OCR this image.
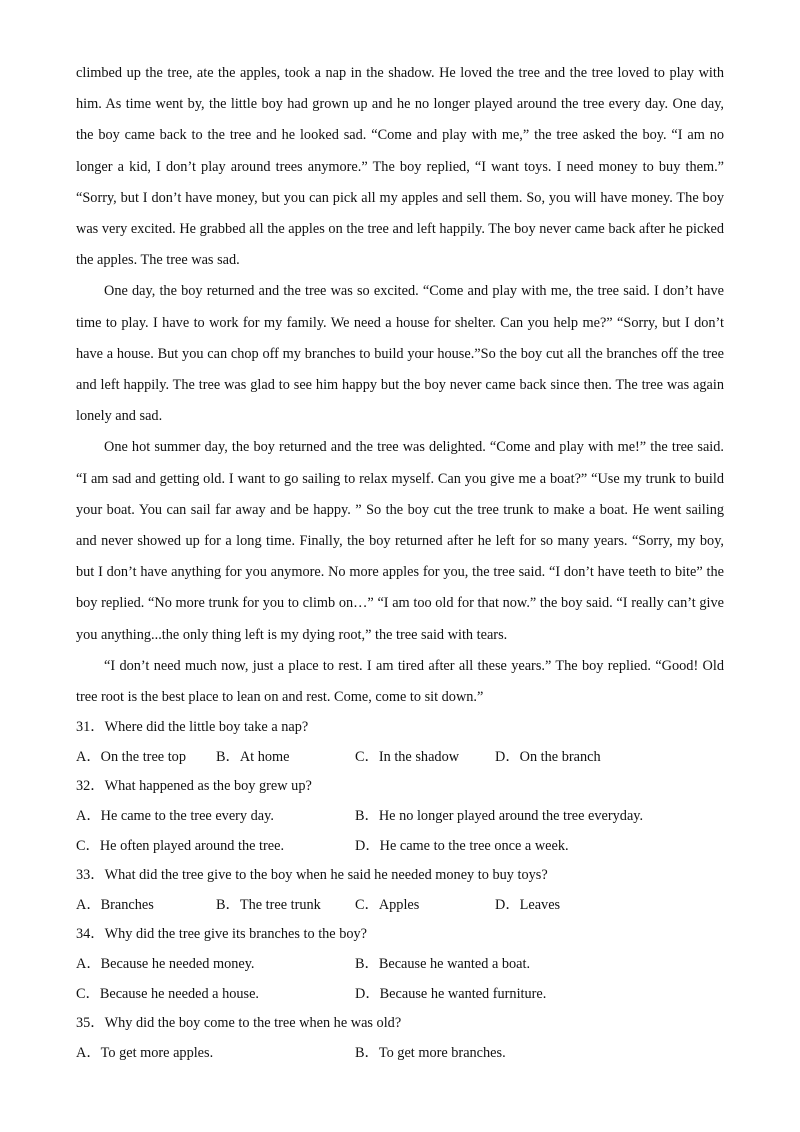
climbed up the tree, ate the apples, took a nap in the shadow. He loved the tree and the tree loved to play with him. As time went by, the little boy had grown up and he no longer played around the tree every day. One day, the boy came back to the tree and he looked sad. “Come and play with me,” the tree asked the boy. “I am no longer a kid, I don’t play around trees anymore.” The boy replied, “I want toys. I need money to buy them.” “Sorry, but I don’t have money, but you can pick all my apples and sell them. So, you will have money. The boy was very excited. He grabbed all the apples on the tree and left happily. The boy never came back after he picked the apples. The tree was sad.

One day, the boy returned and the tree was so excited. “Come and play with me, the tree said. I don’t have time to play. I have to work for my family. We need a house for shelter. Can you help me?” “Sorry, but I don’t have a house. But you can chop off my branches to build your house.”So the boy cut all the branches off the tree and left happily. The tree was glad to see him happy but the boy never came back since then. The tree was again lonely and sad.

One hot summer day, the boy returned and the tree was delighted. “Come and play with me!” the tree said. “I am sad and getting old. I want to go sailing to relax myself. Can you give me a boat?” “Use my trunk to build your boat. You can sail far away and be happy. ” So the boy cut the tree trunk to make a boat. He went sailing and never showed up for a long time. Finally, the boy returned after he left for so many years. “Sorry, my boy, but I don’t have anything for you anymore. No more apples for you, the tree said. “I don’t have teeth to bite” the boy replied. “No more trunk for you to climb on…” “I am too old for that now.” the boy said. “I really can’t give you anything...the only thing left is my dying root,” the tree said with tears.

“I don’t need much now, just a place to rest. I am tired after all these years.” The boy replied. “Good! Old tree root is the best place to lean on and rest. Come, come to sit down.”

31．Where did the little boy take a nap?
A．On the tree top B．At home	C．In the shadow	D．On the branch
32．What happened as the boy grew up?
A．He came to the tree every day.	B．He no longer played around the tree everyday.
C．He often played around the tree.	D．He came to the tree once a week.
33．What did the tree give to the boy when he said he needed money to buy toys?
A．Branches	B．The tree trunk C．Apples	D．Leaves
34．Why did the tree give its branches to the boy?
A．Because he needed money.	B．Because he wanted a boat.
C．Because he needed a house.	D．Because he wanted furniture.
35．Why did the boy come to the tree when he was old?
A．To get more apples.	B．To get more branches.
